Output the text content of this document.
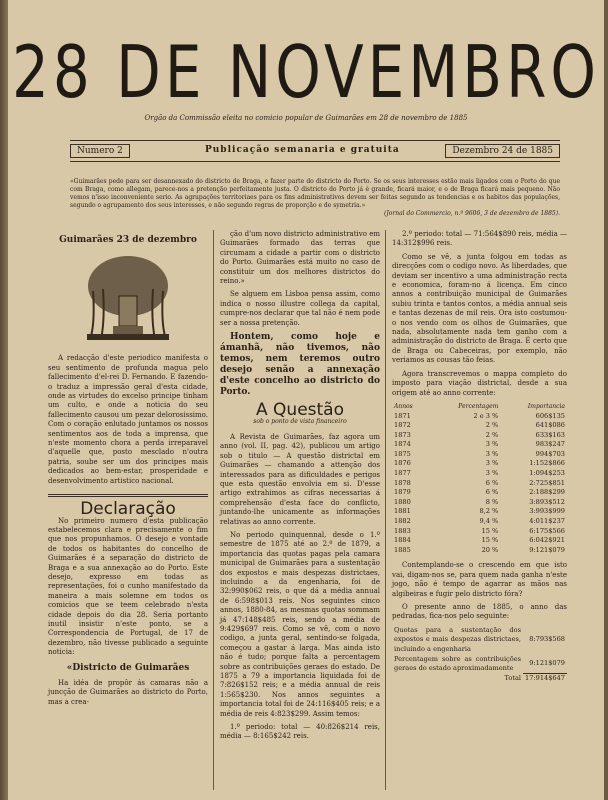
28 DE NOVEMBRO
Orgão da Commissão eleita no comicio popular de Guimarães em 28 de novembro de 1885
Numero 2	Publicação semanaria e gratuita	Dezembro 24 de 1885
«Guimarães pede para ser desannexado do districto de Braga, e fazer parte do districto do Porto. Se os seus interesses estão mais ligados com o Porto do que com Braga, como allegam, parece-nos a pretenção perfeitamente justa. O districto do Porto já é grande, ficará maior, e o de Braga ficará mais pequeno. Não vemos n'isso inconveniente serio. As agrupações territoriaes para os fins administrativos devem ser feitas segundo as tendencias e os habitos das populações, segundo o agrupamento dos seus interesses, e não segundo regras de proporção e de symetria.»
(Jornal do Commercio, n.º 9606, 3 de dezembro de 1885).
Guimarães 23 de dezembro

A redacção d'este periodico manifesta o seu sentimento de profunda magua pelo fallecimento d'el-rei D. Fernando. E fazendo-o traduz a impressão geral d'esta cidade, onde as virtudes do excelso principe tinham um culto, e onde a noticia do seu fallecimento causou um pezar delorosissimo. Com o coração enlutado juntamos os nossos sentimentos aos de toda a imprensa, que n'este momento chora a perda irreparavel d'aquelle que, posto mesclado n'outra patria, soube ser um dos principes mais dedicados ao bem-estar, prosperidade e desenvolvimento artistico nacional.

Declaração

No primeiro numero d'esta publicação estabelecemos clara e precisamente o fim que nos propunhamos. O desejo e vontade de todos os habitantes do concelho de Guimarães é a separação do districto de Braga e a sua annexação ao do Porto. Este desejo, expresso em todas as representações, foi o cunho manifestado da maneira a mais solemne em todos os comicios que se teem celebrado n'esta cidade depois do dia 28. Seria portanto inutil insistir n'este ponto, se a Correspondencia de Portugal, de 17 de dezembro, não tivesse publicado a seguinte noticia:

«Districto de Guimarães

Ha idéa de propôr ás camaras não a juncção de Guimarães ao districto do Porto, mas a crea-

ção d'um novo districto administrativo em Guimarães formado das terras que circumam a cidade a partir com o districto do Porto. Guimarães está muito no caso de constituir um dos melhores districtos do reino.»

Se alguem em Lisboa pensa assim, como indica o nosso illustre collega da capital, cumpre-nos declarar que tal não é nem pode ser a nossa pretenção.

Hontem, como hoje e ámanhã, não tivemos, não temos, nem teremos outro desejo senão a annexação d'este concelho ao districto do Porto.

A Questão
sob o ponto de vista financeiro

A Revista de Guimarães, faz agora um anno (vol. II, pag. 42), publicou um artigo sob o titulo — A questão districtal em Guimarães — chamando a attenção dos interessados para as dificuldades e perigos que esta questão envolvia em si. D'esse artigo extrahimos as cifras necessarias á comprehensão d'esta face do conflicto, juntando-lhe unicamente as informações relativas ao anno corrente.

No periodo quinquennal, desde o 1.º semestre de 1875 até ao 2.º de 1879, a importancia das quotas pagas pela camara municipal de Guimarães para a sustentação dos expostos e mais despezas districtaes, incluindo a da engenharia, foi de 32:990$062 reis, o que dá a média annual de 6:598$013 reis. Nos seguintes cinco annos, 1880-84, as mesmas quotas sommam já 47:148$485 reis, sendo a média de 9:429$697 reis. Como se vê, com o novo codigo, a junta geral, sentindo-se folgada, começou a gastar á larga. Mas ainda isto não é tudo; porque falta a percentagem sobre as contribuições geraes do estado. De 1875 a 79 a importancia liquidada foi de 7:826$152 reis; e a média annual de reis 1:565$230. Nos annos seguintes a importancia total foi de 24:116$405 reis; e a média de reis 4:823$299. Assim temos:

1.º periodo: total — 40:826$214 reis, média — 8:165$242 reis.

2.º periodo: total — 71:564$890 reis, média — 14:312$996 reis.

Como se vê, a junta folgou em todas as direcções com o codigo novo. As liberdades, que deviam ser incentivo a uma administração recta e economica, foram-no á licença. Em cinco annos a contribuição municipal de Guimarães subiu trinta e tantos contos, a média annual seis e tantas dezenas de mil reis. Ora isto costumou-o nos vendo com os olhos de Guimarães, que nada, absolutamente nada tem ganho com a administração do districto de Braga. É certo que de Braga ou Cabeceiras, por exemplo, não veriamos as cousas tão feias.

Agora transcrevemos o mappa completo do imposto para viação districtal, desde a sua origem até ao anno corrente:

Annos	Percentagem	Importancia
1871	2 e 3 %	606$135
1872	2 %	641$086
1873	2 %	633$163
1874	3 %	983$247
1875	3 %	994$703
1876	3 %	1:152$866
1877	3 %	1:094$253
1878	6 %	2:725$851
1879	6 %	2:188$299
1880	8 %	3:893$512
1881	8,2 %	3:993$999
1882	9,4 %	4:011$237
1883	15 %	6:175$566
1884	15 %	6:042$921
1885	20 %	9:121$079

Contemplando-se o crescendo em que isto vai, digam-nos se, para quem nada ganha n'este jogo, não é tempo de agarrar as mãos nas algibeiras e fugir pelo districto fóra?

O presente anno de 1885, o anno das pedradas, fica-nos pelo seguinte:

Quotas para a sustentação dos expostos e mais despezas districtaes, incluindo a engenharia	8:793$568
Percentagem sobre as contribuições geraes do estado aproximadamente	9:121$079
Total	17:914$647
